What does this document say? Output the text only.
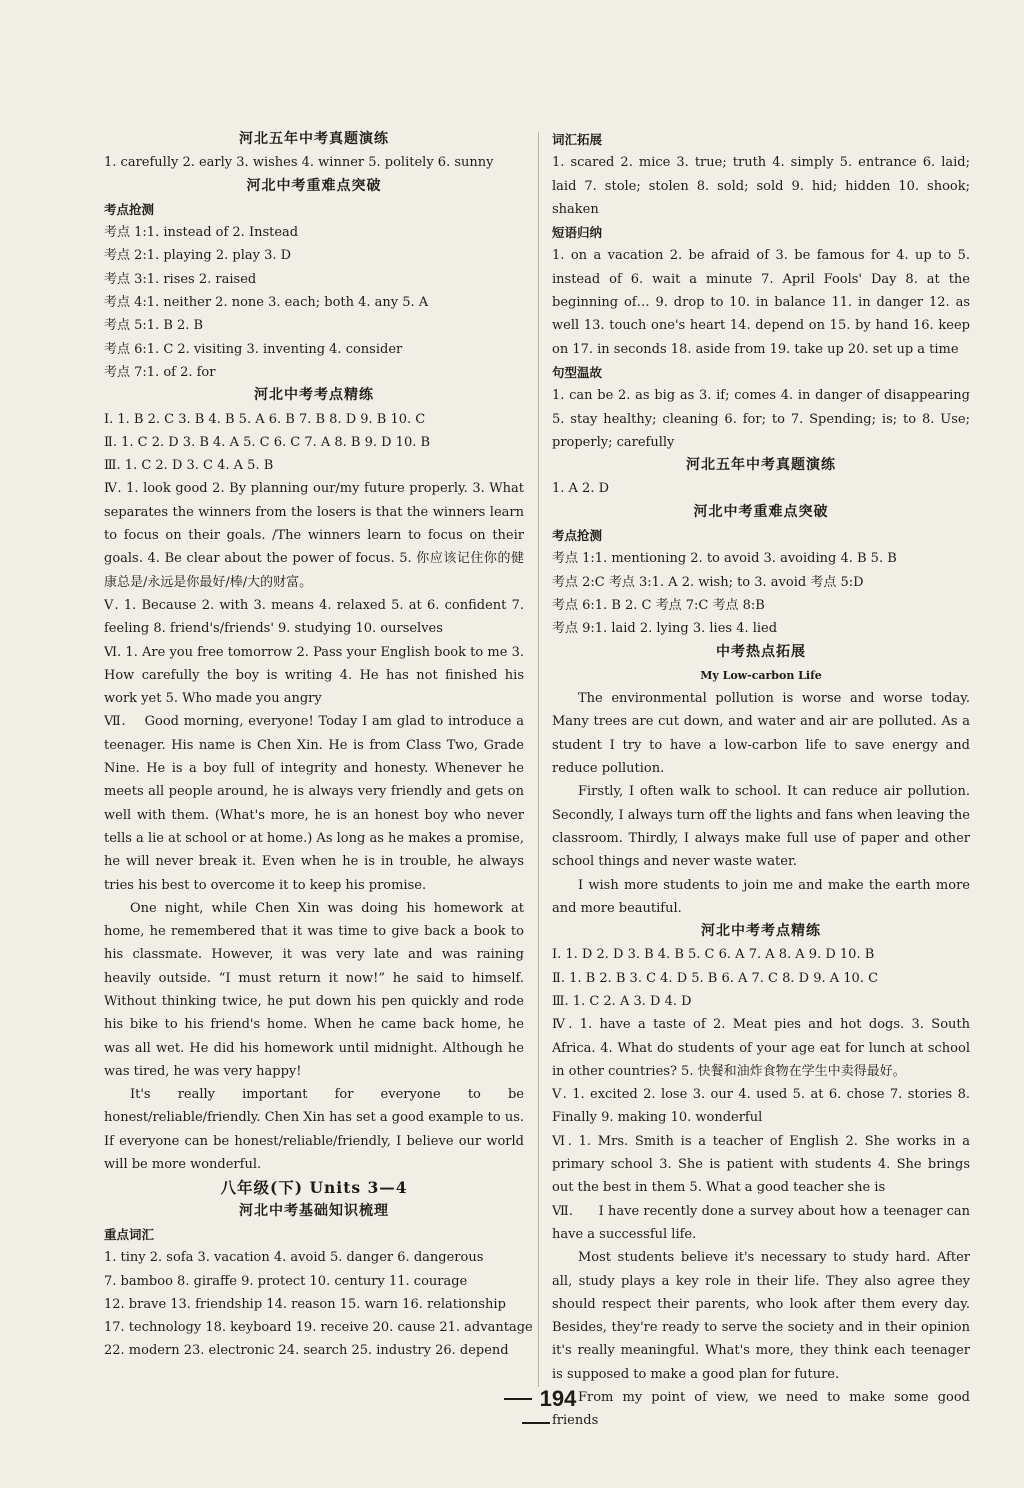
河北五年中考真题演练
1. carefully 2. early 3. wishes 4. winner 5. politely 6. sunny
河北中考重难点突破
考点抢测
考点 1:1. instead of 2. Instead
考点 2:1. playing 2. play 3. D
考点 3:1. rises 2. raised
考点 4:1. neither 2. none 3. each; both 4. any 5. A
考点 5:1. B 2. B
考点 6:1. C 2. visiting 3. inventing 4. consider
考点 7:1. of 2. for
河北中考考点精练
Ⅰ. 1. B 2. C 3. B 4. B 5. A 6. B 7. B 8. D 9. B 10. C
Ⅱ. 1. C 2. D 3. B 4. A 5. C 6. C 7. A 8. B 9. D 10. B
Ⅲ. 1. C 2. D 3. C 4. A 5. B
Ⅳ. 1. look good 2. By planning our/my future properly. 3. What separates the winners from the losers is that the winners learn to focus on their goals. /The winners learn to focus on their goals. 4. Be clear about the power of focus. 5. 你应该记住你的健康总是/永远是你最好/棒/大的财富。
Ⅴ. 1. Because 2. with 3. means 4. relaxed 5. at 6. confident 7. feeling 8. friend's/friends' 9. studying 10. ourselves
Ⅵ. 1. Are you free tomorrow 2. Pass your English book to me 3. How carefully the boy is writing 4. He has not finished his work yet 5. Who made you angry
Ⅶ. Good morning, everyone! Today I am glad to introduce a teenager. His name is Chen Xin. He is from Class Two, Grade Nine. He is a boy full of integrity and honesty. Whenever he meets all people around, he is always very friendly and gets on well with them. (What's more, he is an honest boy who never tells a lie at school or at home.) As long as he makes a promise, he will never break it. Even when he is in trouble, he always tries his best to overcome it to keep his promise.
One night, while Chen Xin was doing his homework at home, he remembered that it was time to give back a book to his classmate. However, it was very late and was raining heavily outside. “I must return it now!” he said to himself. Without thinking twice, he put down his pen quickly and rode his bike to his friend's home. When he came back home, he was all wet. He did his homework until midnight. Although he was tired, he was very happy!
It's really important for everyone to be honest/reliable/friendly. Chen Xin has set a good example to us. If everyone can be honest/reliable/friendly, I believe our world will be more wonderful.
八年级(下) Units 3—4
河北中考基础知识梳理
重点词汇
1. tiny 2. sofa 3. vacation 4. avoid 5. danger 6. dangerous
7. bamboo 8. giraffe 9. protect 10. century 11. courage
12. brave 13. friendship 14. reason 15. warn 16. relationship
17. technology 18. keyboard 19. receive 20. cause 21. advantage
22. modern 23. electronic 24. search 25. industry 26. depend
词汇拓展
1. scared 2. mice 3. true; truth 4. simply 5. entrance 6. laid; laid 7. stole; stolen 8. sold; sold 9. hid; hidden 10. shook; shaken
短语归纳
1. on a vacation 2. be afraid of 3. be famous for 4. up to 5. instead of 6. wait a minute 7. April Fools' Day 8. at the beginning of… 9. drop to 10. in balance 11. in danger 12. as well 13. touch one's heart 14. depend on 15. by hand 16. keep on 17. in seconds 18. aside from 19. take up 20. set up a time
句型温故
1. can be 2. as big as 3. if; comes 4. in danger of disappearing 5. stay healthy; cleaning 6. for; to 7. Spending; is; to 8. Use; properly; carefully
河北五年中考真题演练
1. A 2. D
河北中考重难点突破
考点抢测
考点 1:1. mentioning 2. to avoid 3. avoiding 4. B 5. B
考点 2:C 考点 3:1. A 2. wish; to 3. avoid 考点 5:D
考点 6:1. B 2. C 考点 7:C 考点 8:B
考点 9:1. laid 2. lying 3. lies 4. lied
中考热点拓展
My Low-carbon Life
The environmental pollution is worse and worse today. Many trees are cut down, and water and air are polluted. As a student I try to have a low-carbon life to save energy and reduce pollution.
Firstly, I often walk to school. It can reduce air pollution. Secondly, I always turn off the lights and fans when leaving the classroom. Thirdly, I always make full use of paper and other school things and never waste water.
I wish more students to join me and make the earth more and more beautiful.
河北中考考点精练
Ⅰ. 1. D 2. D 3. B 4. B 5. C 6. A 7. A 8. A 9. D 10. B
Ⅱ. 1. B 2. B 3. C 4. D 5. B 6. A 7. C 8. D 9. A 10. C
Ⅲ. 1. C 2. A 3. D 4. D
Ⅳ. 1. have a taste of 2. Meat pies and hot dogs. 3. South Africa. 4. What do students of your age eat for lunch at school in other countries? 5. 快餐和油炸食物在学生中卖得最好。
Ⅴ. 1. excited 2. lose 3. our 4. used 5. at 6. chose 7. stories 8. Finally 9. making 10. wonderful
Ⅵ. 1. Mrs. Smith is a teacher of English 2. She works in a primary school 3. She is patient with students 4. She brings out the best in them 5. What a good teacher she is
Ⅶ. I have recently done a survey about how a teenager can have a successful life.
Most students believe it's necessary to study hard. After all, study plays a key role in their life. They also agree they should respect their parents, who look after them every day. Besides, they're ready to serve the society and in their opinion it's really meaningful. What's more, they think each teenager is supposed to make a good plan for future.
From my point of view, we need to make some good friends
194
